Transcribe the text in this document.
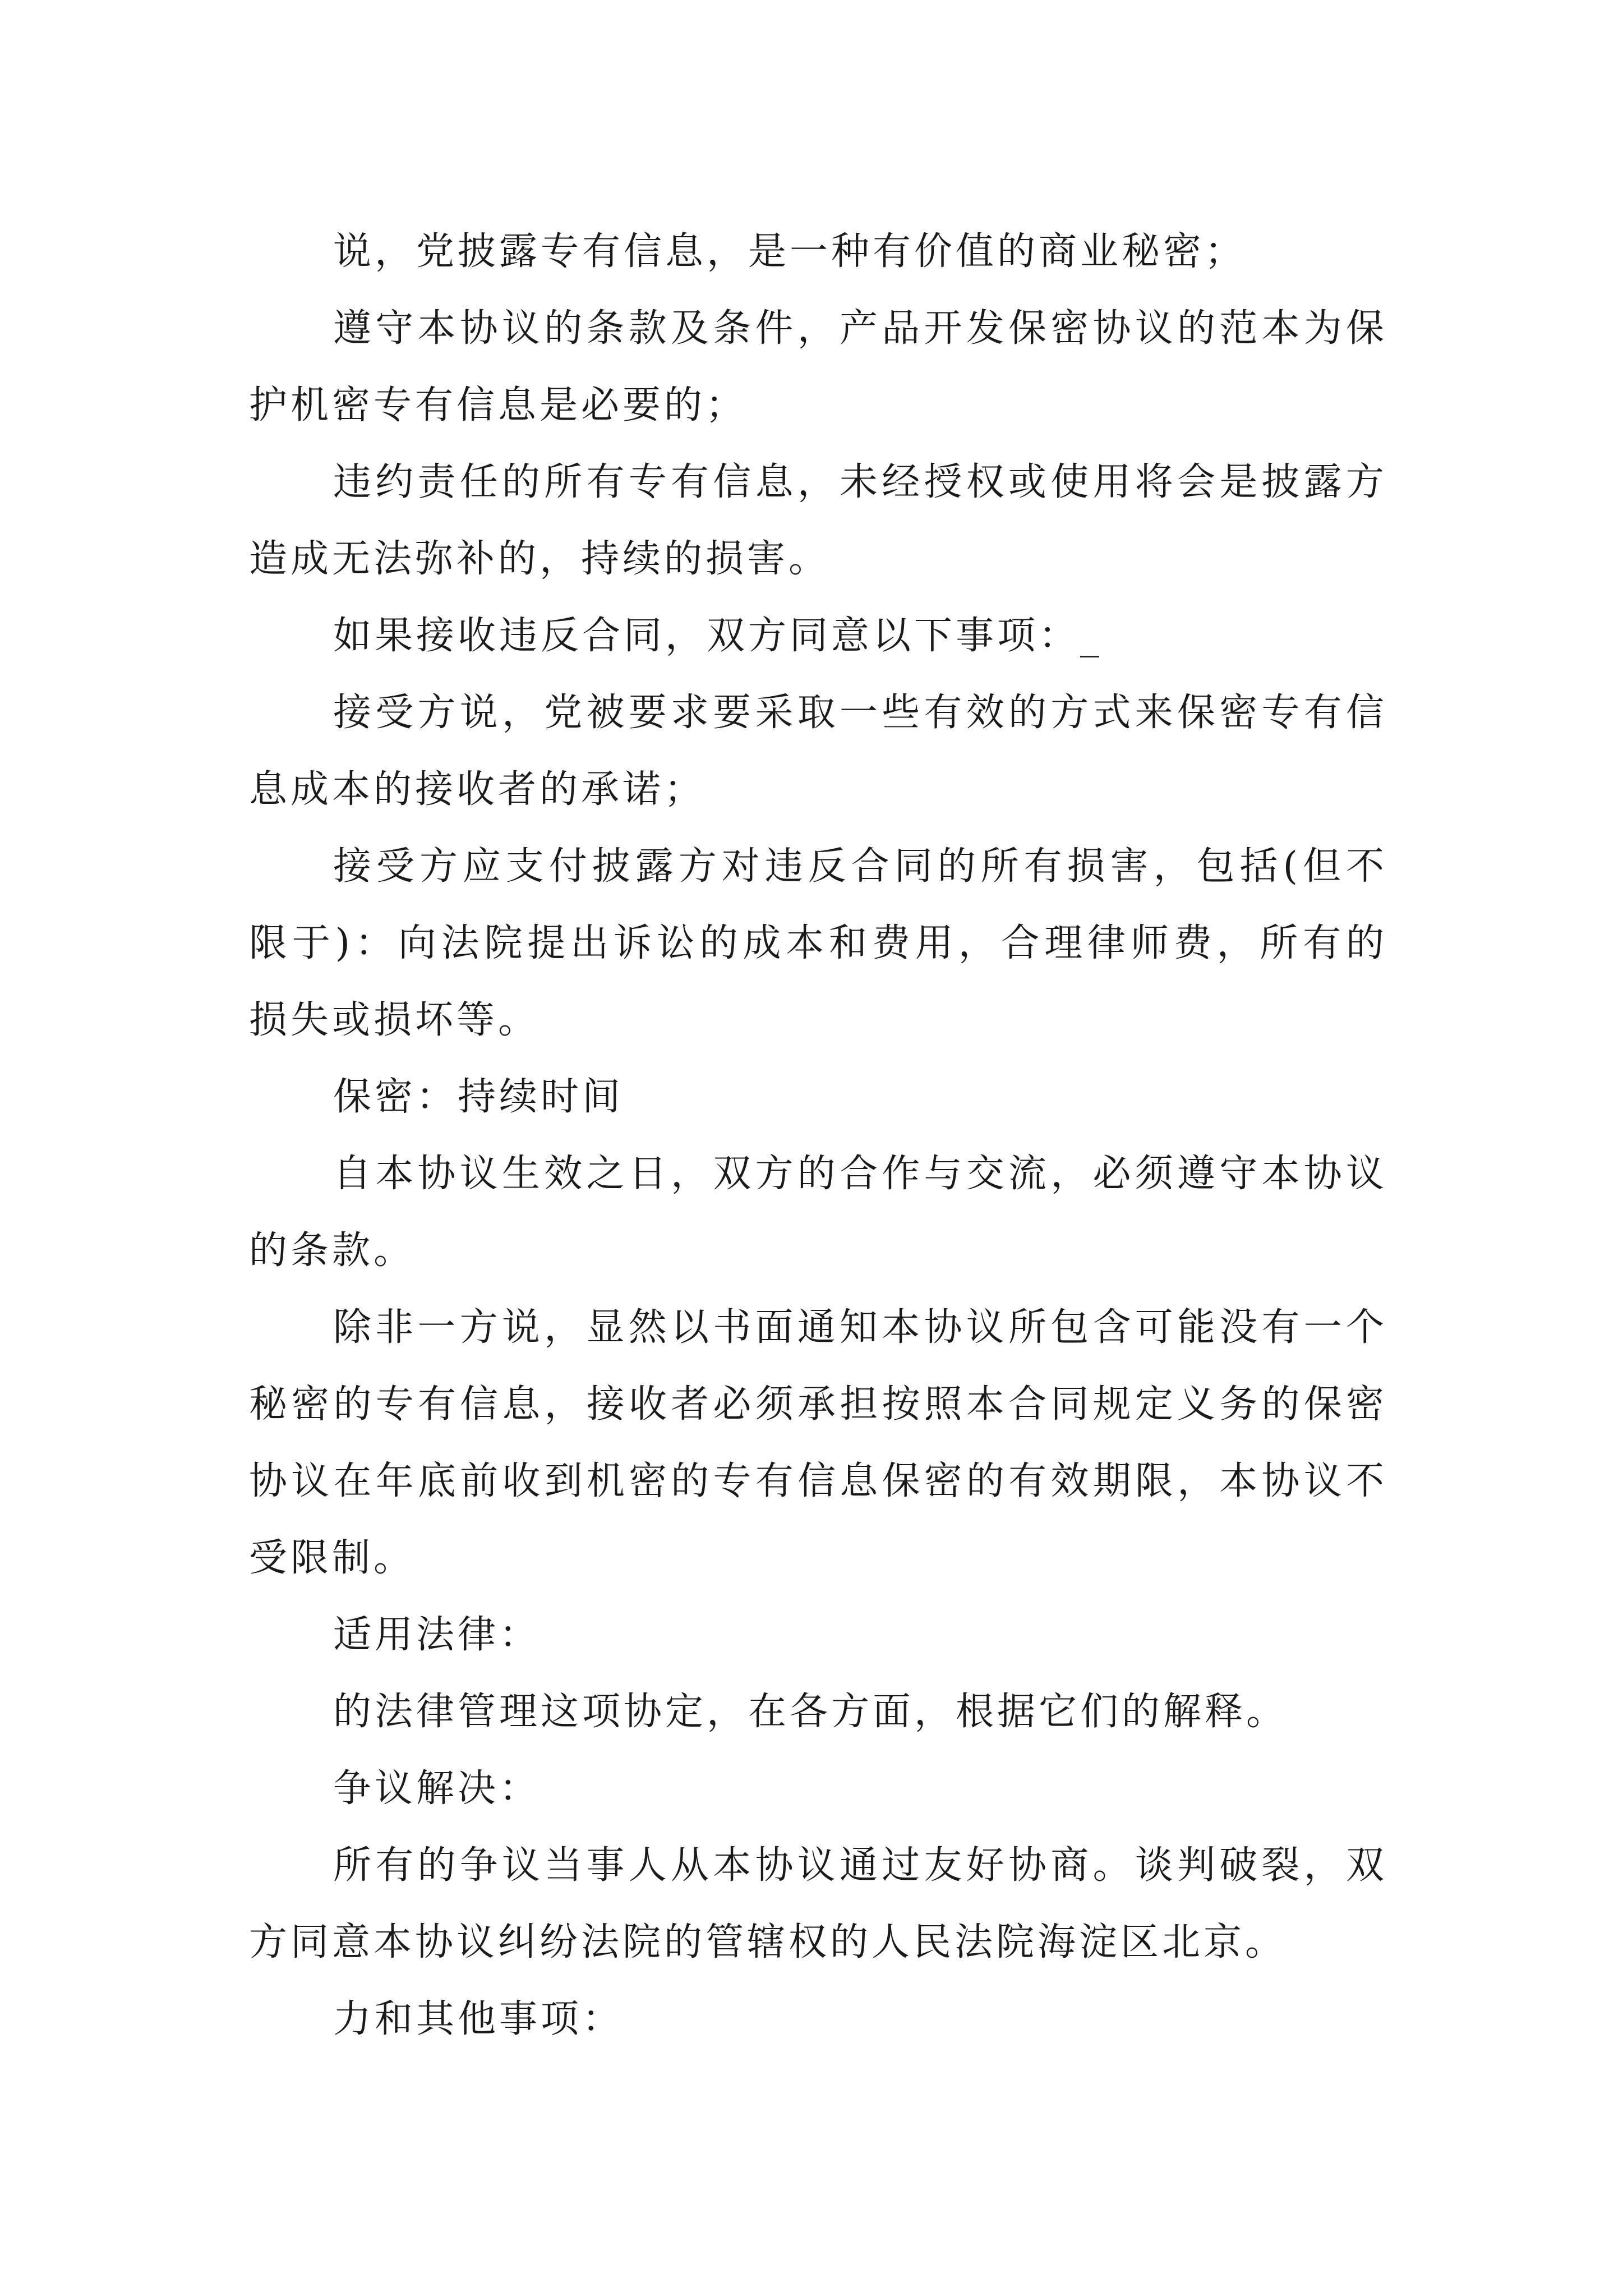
说，党披露专有信息，是一种有价值的商业秘密；

遵守本协议的条款及条件，产品开发保密协议的范本为保护机密专有信息是必要的；

违约责任的所有专有信息，未经授权或使用将会是披露方造成无法弥补的，持续的损害。

如果接收违反合同，双方同意以下事项：_

接受方说，党被要求要采取一些有效的方式来保密专有信息成本的接收者的承诺；

接受方应支付披露方对违反合同的所有损害，包括(但不限于)：向法院提出诉讼的成本和费用，合理律师费，所有的损失或损坏等。

保密：持续时间

自本协议生效之日，双方的合作与交流，必须遵守本协议的条款。

除非一方说，显然以书面通知本协议所包含可能没有一个秘密的专有信息，接收者必须承担按照本合同规定义务的保密协议在年底前收到机密的专有信息保密的有效期限，本协议不受限制。

适用法律：

的法律管理这项协定，在各方面，根据它们的解释。

争议解决：

所有的争议当事人从本协议通过友好协商。谈判破裂，双方同意本协议纠纷法院的管辖权的人民法院海淀区北京。

力和其他事项：
